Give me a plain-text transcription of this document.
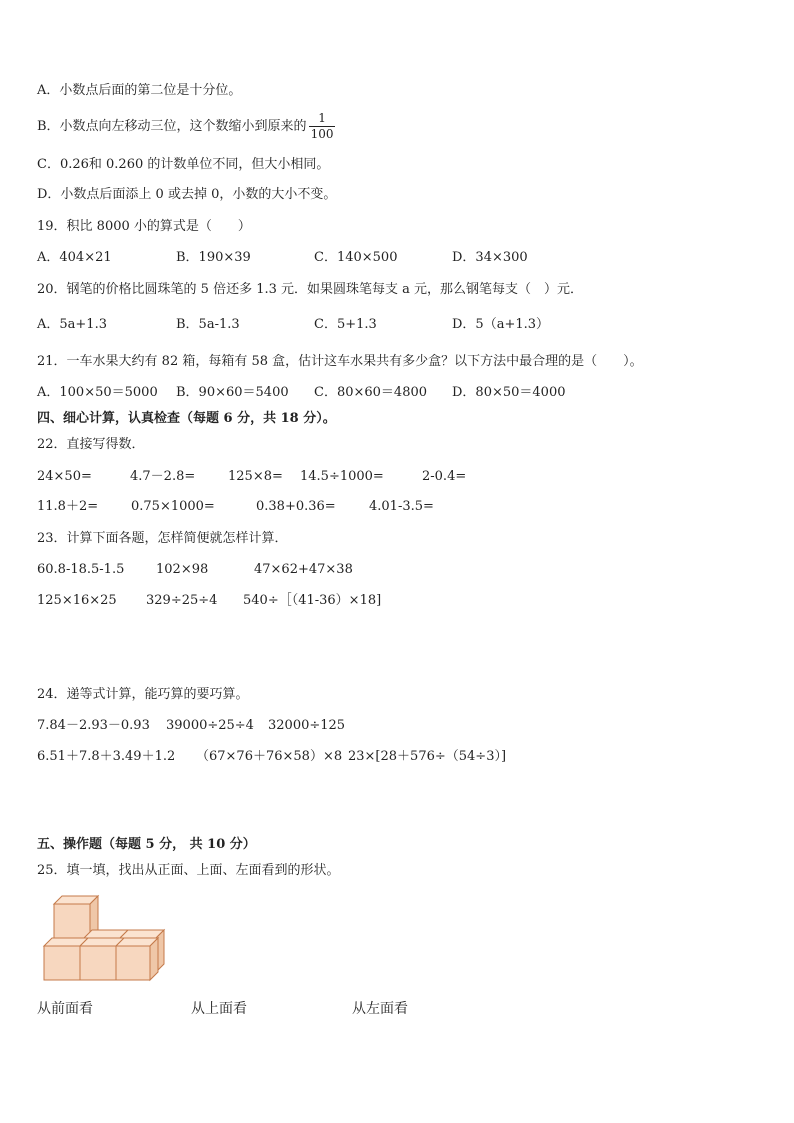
A．小数点后面的第二位是十分位。
B．小数点向左移动三位，这个数缩小到原来的 $\frac{1}{100}$
C．0.26和 0.260 的计数单位不同，但大小相同。
D．小数点后面添上 0 或去掉 0，小数的大小不变。
19．积比 8000 小的算式是（　　）
A．404×21	B．190×39	C．140×500	D．34×300
20．钢笔的价格比圆珠笔的 5 倍还多 1.3 元．如果圆珠笔每支 a 元，那么钢笔每支（　）元．
A．5a+1.3	B．5a-1.3	C．5+1.3	D．5（a+1.3）
21．一车水果大约有 82 箱，每箱有 58 盒，估计这车水果共有多少盒？以下方法中最合理的是（　　）。
A．100×50＝5000 B．90×60＝5400 C．80×60＝4800 D．80×50＝4000
四、细心计算，认真检查（每题 6 分，共 18 分）。
22．直接写得数．
24×50=	4.7－2.8=	125×8= 14.5÷1000=	2-0.4=
11.8＋2=	0.75×1000=	0.38+0.36=	4.01-3.5=
23．计算下面各题，怎样简便就怎样计算．
60.8-18.5-1.5 102×98	47×62+47×38
125×16×25 329÷25÷4 540÷［（41-36）×18]
24．递等式计算，能巧算的要巧算。
7.84－2.93－0.93 39000÷25÷4 32000÷125
6.51＋7.8＋3.49＋1.2 （67×76＋76×58）×8 23×[28＋576÷（54÷3）]
五、操作题（每题 5 分， 共 10 分）
25．填一填，找出从正面、上面、左面看到的形状。
从前面看	从上面看	从左面看
